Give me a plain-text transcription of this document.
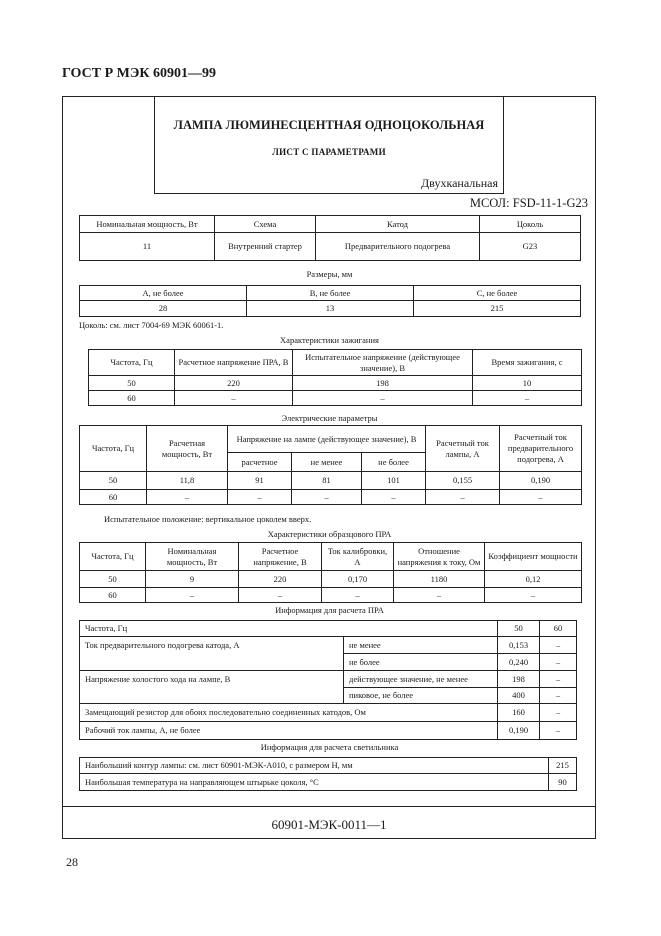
ГОСТ Р МЭК 60901—99
ЛАМПА ЛЮМИНЕСЦЕНТНАЯ ОДНОЦОКОЛЬНАЯ
ЛИСТ С ПАРАМЕТРАМИ
Двухканальная
МСОЛ: FSD-11-1-G23
Номинальная мощность, Вт	Схема	Катод	Цоколь
11	Внутренний стартер	Предварительного подогрева	G23
Размеры, мм
A, не более	B, не более	C, не более
28	13	215
Цоколь: см. лист 7004-69 МЭК 60061-1.
Характеристики зажигания
Частота, Гц	Расчетное напряжение ПРА, В	Испытательное напряжение (действующее значение), В	Время зажигания, с
50	220	198	10
60	–	–	–
Электрические параметры
Частота, Гц	Расчетная мощность, Вт	Напряжение на лампе (действующее значение), В			Расчетный ток лампы, А	Расчетный ток предварительного подогрева, А
		расчетное	не менее	не более		
50	11,8	91	81	101	0,155	0,190
60	–	–	–	–	–	–
Испытательное положение: вертикальное цоколем вверх.
Характеристики образцового ПРА
Частота, Гц	Номинальная мощность, Вт	Расчетное напряжение, В	Ток калибровки, А	Отношение напряжения к току, Ом	Коэффициент мощности
50	9	220	0,170	1180	0,12
60	–	–	–	–	–
Информация для расчета ПРА
Частота, Гц		50	60
Ток предварительного подогрева катода, А	не менее	0,153	–
	не более	0,240	–
Напряжение холостого хода на лампе, В	действующее значение, не менее	198	–
	пиковое, не более	400	–
Замещающий резистор для обоих последовательно соединенных катодов, Ом		160	–
Рабочий ток лампы, А, не более		0,190	–
Информация для расчета светильника
Наибольший контур лампы: см. лист 60901-МЭК-А010, с размером H, мм	215
Наибольшая температура на направляющем штырьке цоколя, °С	90
60901-МЭК-0011—1
28
